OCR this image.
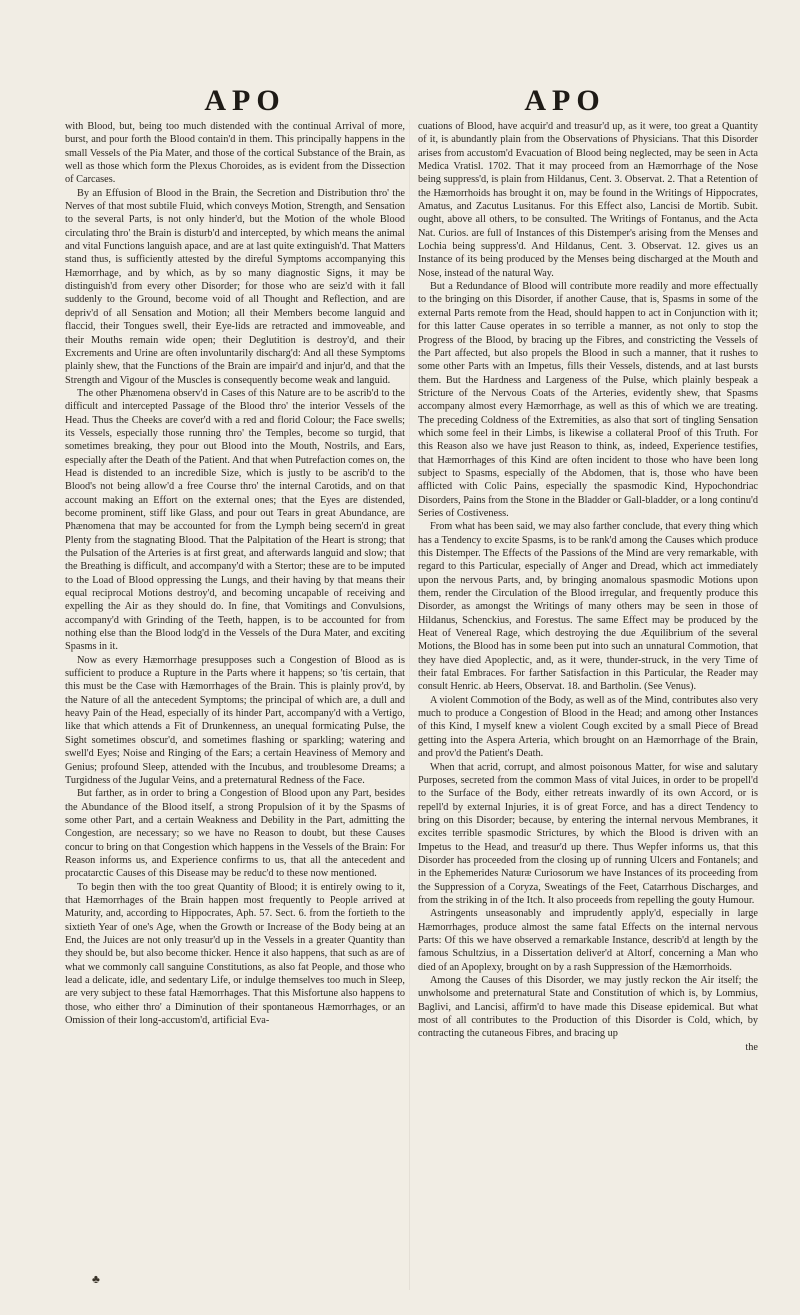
APO	APO

with Blood, but, being too much distended with the continual Arrival of more, burst, and pour forth the Blood contain'd in them. This principally happens in the small Vessels of the Pia Mater, and those of the cortical Substance of the Brain, as well as those which form the Plexus Choroides, as is evident from the Dissection of Carcases.

By an Effusion of Blood in the Brain, the Secretion and Distribution thro' the Nerves of that most subtile Fluid, which conveys Motion, Strength, and Sensation to the several Parts, is not only hinder'd, but the Motion of the whole Blood circulating thro' the Brain is disturb'd and intercepted, by which means the animal and vital Functions languish apace, and are at last quite extinguish'd. That Matters stand thus, is sufficiently attested by the direful Symptoms accompanying this Hæmorrhage, and by which, as by so many diagnostic Signs, it may be distinguish'd from every other Disorder; for those who are seiz'd with it fall suddenly to the Ground, become void of all Thought and Reflection, and are depriv'd of all Sensation and Motion; all their Members become languid and flaccid, their Tongues swell, their Eye-lids are retracted and immoveable, and their Mouths remain wide open; their Deglutition is destroy'd, and their Excrements and Urine are often involuntarily discharg'd: And all these Symptoms plainly shew, that the Functions of the Brain are impair'd and injur'd, and that the Strength and Vigour of the Muscles is consequently become weak and languid.

The other Phænomena observ'd in Cases of this Nature are to be ascrib'd to the difficult and intercepted Passage of the Blood thro' the interior Vessels of the Head. Thus the Cheeks are cover'd with a red and florid Colour; the Face swells; its Vessels, especially those running thro' the Temples, become so turgid, that sometimes breaking, they pour out Blood into the Mouth, Nostrils, and Ears, especially after the Death of the Patient. And that when Putrefaction comes on, the Head is distended to an incredible Size, which is justly to be ascrib'd to the Blood's not being allow'd a free Course thro' the internal Carotids, and on that account making an Effort on the external ones; that the Eyes are distended, become prominent, stiff like Glass, and pour out Tears in great Abundance, are Phænomena that may be accounted for from the Lymph being secern'd in great Plenty from the stagnating Blood. That the Palpitation of the Heart is strong; that the Pulsation of the Arteries is at first great, and afterwards languid and slow; that the Breathing is difficult, and accompany'd with a Stertor; these are to be imputed to the Load of Blood oppressing the Lungs, and their having by that means their equal reciprocal Motions destroy'd, and becoming uncapable of receiving and expelling the Air as they should do. In fine, that Vomitings and Convulsions, accompany'd with Grinding of the Teeth, happen, is to be accounted for from nothing else than the Blood lodg'd in the Vessels of the Dura Mater, and exciting Spasms in it.

Now as every Hæmorrhage presupposes such a Congestion of Blood as is sufficient to produce a Rupture in the Parts where it happens; so 'tis certain, that this must be the Case with Hæmorrhages of the Brain. This is plainly prov'd, by the Nature of all the antecedent Symptoms; the principal of which are, a dull and heavy Pain of the Head, especially of its hinder Part, accompany'd with a Vertigo, like that which attends a Fit of Drunkenness, an unequal formicating Pulse, the Sight sometimes obscur'd, and sometimes flashing or sparkling; watering and swell'd Eyes; Noise and Ringing of the Ears; a certain Heaviness of Memory and Genius; profound Sleep, attended with the Incubus, and troublesome Dreams; a Turgidness of the Jugular Veins, and a preternatural Redness of the Face.

But farther, as in order to bring a Congestion of Blood upon any Part, besides the Abundance of the Blood itself, a strong Propulsion of it by the Spasms of some other Part, and a certain Weakness and Debility in the Part, admitting the Congestion, are necessary; so we have no Reason to doubt, but these Causes concur to bring on that Congestion which happens in the Vessels of the Brain: For Reason informs us, and Experience confirms to us, that all the antecedent and procatarctic Causes of this Disease may be reduc'd to these now mentioned.

To begin then with the too great Quantity of Blood; it is entirely owing to it, that Hæmorrhages of the Brain happen most frequently to People arrived at Maturity, and, according to Hippocrates, Aph. 57. Sect. 6. from the fortieth to the sixtieth Year of one's Age, when the Growth or Increase of the Body being at an End, the Juices are not only treasur'd up in the Vessels in a greater Quantity than they should be, but also become thicker. Hence it also happens, that such as are of what we commonly call sanguine Constitutions, as also fat People, and those who lead a delicate, idle, and sedentary Life, or indulge themselves too much in Sleep, are very subject to these fatal Hæmorrhages. That this Misfortune also happens to those, who either thro' a Diminution of their spontaneous Hæmorrhages, or an Omission of their long-accustom'd, artificial Eva-

cuations of Blood, have acquir'd and treasur'd up, as it were, too great a Quantity of it, is abundantly plain from the Observations of Physicians. That this Disorder arises from accustom'd Evacuation of Blood being neglected, may be seen in Acta Medica Vratisl. 1702. That it may proceed from an Hæmorrhage of the Nose being suppress'd, is plain from Hildanus, Cent. 3. Observat. 2. That a Retention of the Hæmorrhoids has brought it on, may be found in the Writings of Hippocrates, Amatus, and Zacutus Lusitanus. For this Effect also, Lancisi de Mortib. Subit. ought, above all others, to be consulted. The Writings of Fontanus, and the Acta Nat. Curios. are full of Instances of this Distemper's arising from the Menses and Lochia being suppress'd. And Hildanus, Cent. 3. Observat. 12. gives us an Instance of its being produced by the Menses being discharged at the Mouth and Nose, instead of the natural Way.

But a Redundance of Blood will contribute more readily and more effectually to the bringing on this Disorder, if another Cause, that is, Spasms in some of the external Parts remote from the Head, should happen to act in Conjunction with it; for this latter Cause operates in so terrible a manner, as not only to stop the Progress of the Blood, by bracing up the Fibres, and constricting the Vessels of the Part affected, but also propels the Blood in such a manner, that it rushes to some other Parts with an Impetus, fills their Vessels, distends, and at last bursts them. But the Hardness and Largeness of the Pulse, which plainly bespeak a Stricture of the Nervous Coats of the Arteries, evidently shew, that Spasms accompany almost every Hæmorrhage, as well as this of which we are treating. The preceding Coldness of the Extremities, as also that sort of tingling Sensation which some feel in their Limbs, is likewise a collateral Proof of this Truth. For this Reason also we have just Reason to think, as, indeed, Experience testifies, that Hæmorrhages of this Kind are often incident to those who have been long subject to Spasms, especially of the Abdomen, that is, those who have been afflicted with Colic Pains, especially the spasmodic Kind, Hypochondriac Disorders, Pains from the Stone in the Bladder or Gall-bladder, or a long continu'd Series of Costiveness.

From what has been said, we may also farther conclude, that every thing which has a Tendency to excite Spasms, is to be rank'd among the Causes which produce this Distemper. The Effects of the Passions of the Mind are very remarkable, with regard to this Particular, especially of Anger and Dread, which act immediately upon the nervous Parts, and, by bringing anomalous spasmodic Motions upon them, render the Circulation of the Blood irregular, and frequently produce this Disorder, as amongst the Writings of many others may be seen in those of Hildanus, Schenckius, and Forestus. The same Effect may be produced by the Heat of Venereal Rage, which destroying the due Æquilibrium of the several Motions, the Blood has in some been put into such an unnatural Commotion, that they have died Apoplectic, and, as it were, thunder-struck, in the very Time of their fatal Embraces. For farther Satisfaction in this Particular, the Reader may consult Henric. ab Heers, Observat. 18. and Bartholin. (See Venus).

A violent Commotion of the Body, as well as of the Mind, contributes also very much to produce a Congestion of Blood in the Head; and among other Instances of this Kind, I myself knew a violent Cough excited by a small Piece of Bread getting into the Aspera Arteria, which brought on an Hæmorrhage of the Brain, and prov'd the Patient's Death.

When that acrid, corrupt, and almost poisonous Matter, for wise and salutary Purposes, secreted from the common Mass of vital Juices, in order to be propell'd to the Surface of the Body, either retreats inwardly of its own Accord, or is repell'd by external Injuries, it is of great Force, and has a direct Tendency to bring on this Disorder; because, by entering the internal nervous Membranes, it excites terrible spasmodic Strictures, by which the Blood is driven with an Impetus to the Head, and treasur'd up there. Thus Wepfer informs us, that this Disorder has proceeded from the closing up of running Ulcers and Fontanels; and in the Ephemerides Naturæ Curiosorum we have Instances of its proceeding from the Suppression of a Coryza, Sweatings of the Feet, Catarrhous Discharges, and from the striking in of the Itch. It also proceeds from repelling the gouty Humour.

Astringents unseasonably and imprudently apply'd, especially in large Hæmorrhages, produce almost the same fatal Effects on the internal nervous Parts: Of this we have observed a remarkable Instance, describ'd at length by the famous Schultzius, in a Dissertation deliver'd at Altorf, concerning a Man who died of an Apoplexy, brought on by a rash Suppression of the Hæmorrhoids.

Among the Causes of this Disorder, we may justly reckon the Air itself; the unwholsome and preternatural State and Constitution of which is, by Lommius, Baglivi, and Lancisi, affirm'd to have made this Disease epidemical. But what most of all contributes to the Production of this Disorder is Cold, which, by contracting the cutaneous Fibres, and bracing up

the

♣
